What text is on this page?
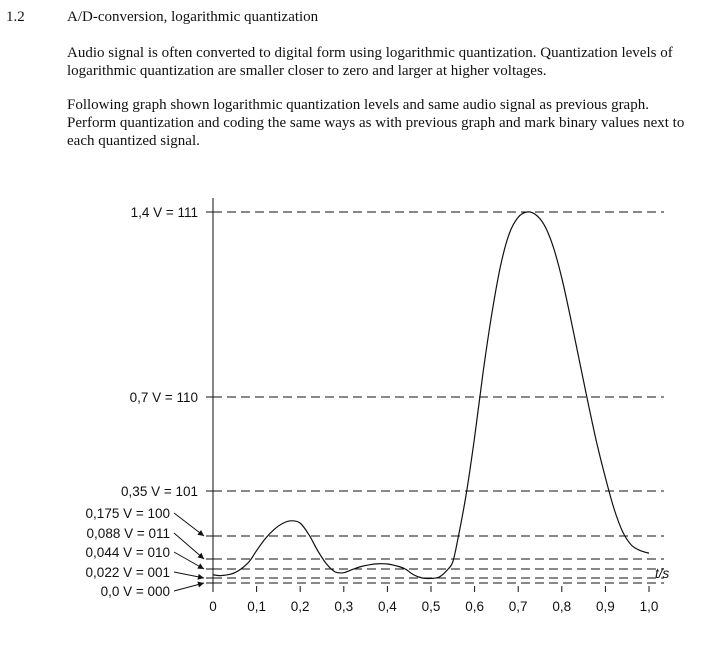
1.2	A/D-conversion, logarithmic quantization

Audio signal is often converted to digital form using logarithmic quantization. Quantization levels of logarithmic quantization are smaller closer to zero and larger at higher voltages.

Following graph shown logarithmic quantization levels and same audio signal as previous graph. Perform quantization and coding the same ways as with previous graph and mark binary values next to each quantized signal.

1,4 V = 111
0,7 V = 110
0,35 V = 101
0,175 V = 100
0,088 V = 011
0,044 V = 010
0,022 V = 001
0,0 V = 000
0 0,1 0,2 0,3 0,4 0,5 0,6 0,7 0,8 0,9 1,0
t/s
